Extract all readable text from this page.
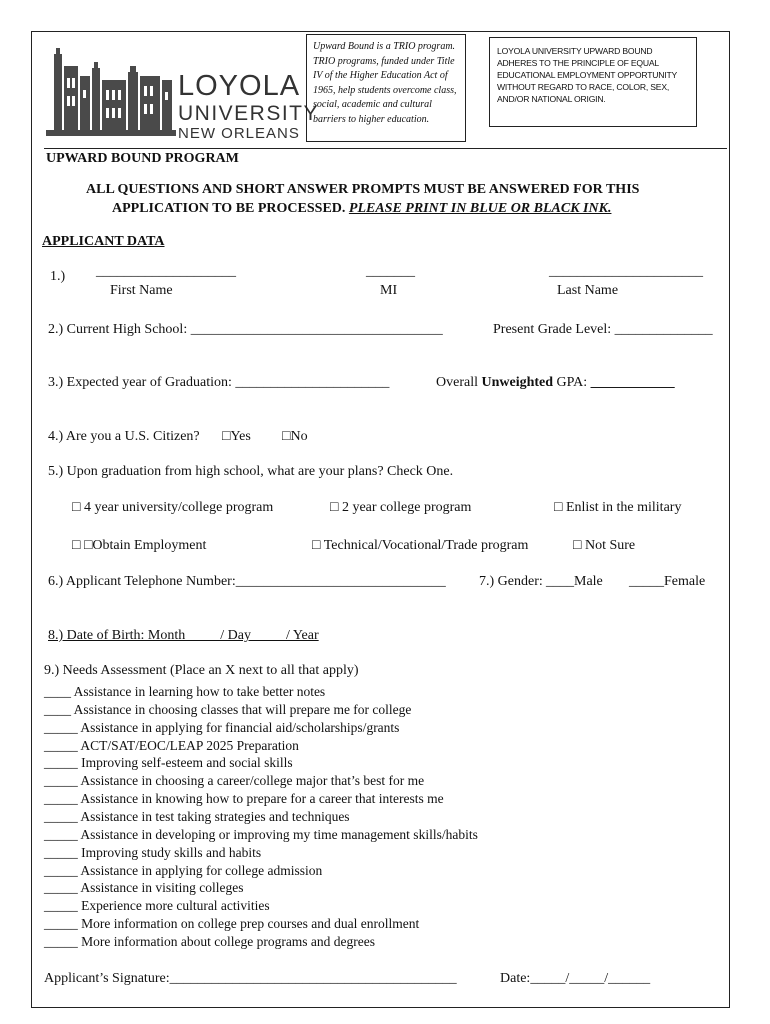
LOYOLA
UNIVERSITY
NEW ORLEANS
Upward Bound is a TRIO program. TRIO programs, funded under Title IV of the Higher Education Act of 1965, help students overcome class, social, academic and cultural barriers to higher education.
LOYOLA UNIVERSITY UPWARD BOUND ADHERES TO THE PRINCIPLE OF EQUAL EDUCATIONAL EMPLOYMENT OPPORTUNITY WITHOUT REGARD TO RACE, COLOR, SEX, AND/OR NATIONAL ORIGIN.
UPWARD BOUND PROGRAM
ALL QUESTIONS AND SHORT ANSWER PROMPTS MUST BE ANSWERED FOR THIS
APPLICATION TO BE PROCESSED. PLEASE PRINT IN BLUE OR BLACK INK.
APPLICANT DATA
1.) ____________________	_______	______________________
First Name	MI	Last Name
2.) Current High School: ____________________________________	Present Grade Level: ______________
3.) Expected year of Graduation: ______________________	Overall Unweighted GPA: ____________
4.) Are you a U.S. Citizen? □Yes □No
5.) Upon graduation from high school, what are your plans? Check One.
□ 4 year university/college program	□ 2 year college program	□ Enlist in the military
□ □Obtain Employment	□ Technical/Vocational/Trade program	□ Not Sure
6.) Applicant Telephone Number:______________________________ 7.) Gender: ____Male _____Female
8.) Date of Birth: Month          / Day          / Year
9.) Needs Assessment (Place an X next to all that apply)
____ Assistance in learning how to take better notes
____ Assistance in choosing classes that will prepare me for college
_____ Assistance in applying for financial aid/scholarships/grants
_____ ACT/SAT/EOC/LEAP 2025 Preparation
_____ Improving self-esteem and social skills
_____ Assistance in choosing a career/college major that’s best for me
_____ Assistance in knowing how to prepare for a career that interests me
_____ Assistance in test taking strategies and techniques
_____ Assistance in developing or improving my time management skills/habits
_____ Improving study skills and habits
_____ Assistance in applying for college admission
_____ Assistance in visiting colleges
_____ Experience more cultural activities
_____ More information on college prep courses and dual enrollment
_____ More information about college programs and degrees
Applicant’s Signature:_________________________________________	Date:_____/_____/______
